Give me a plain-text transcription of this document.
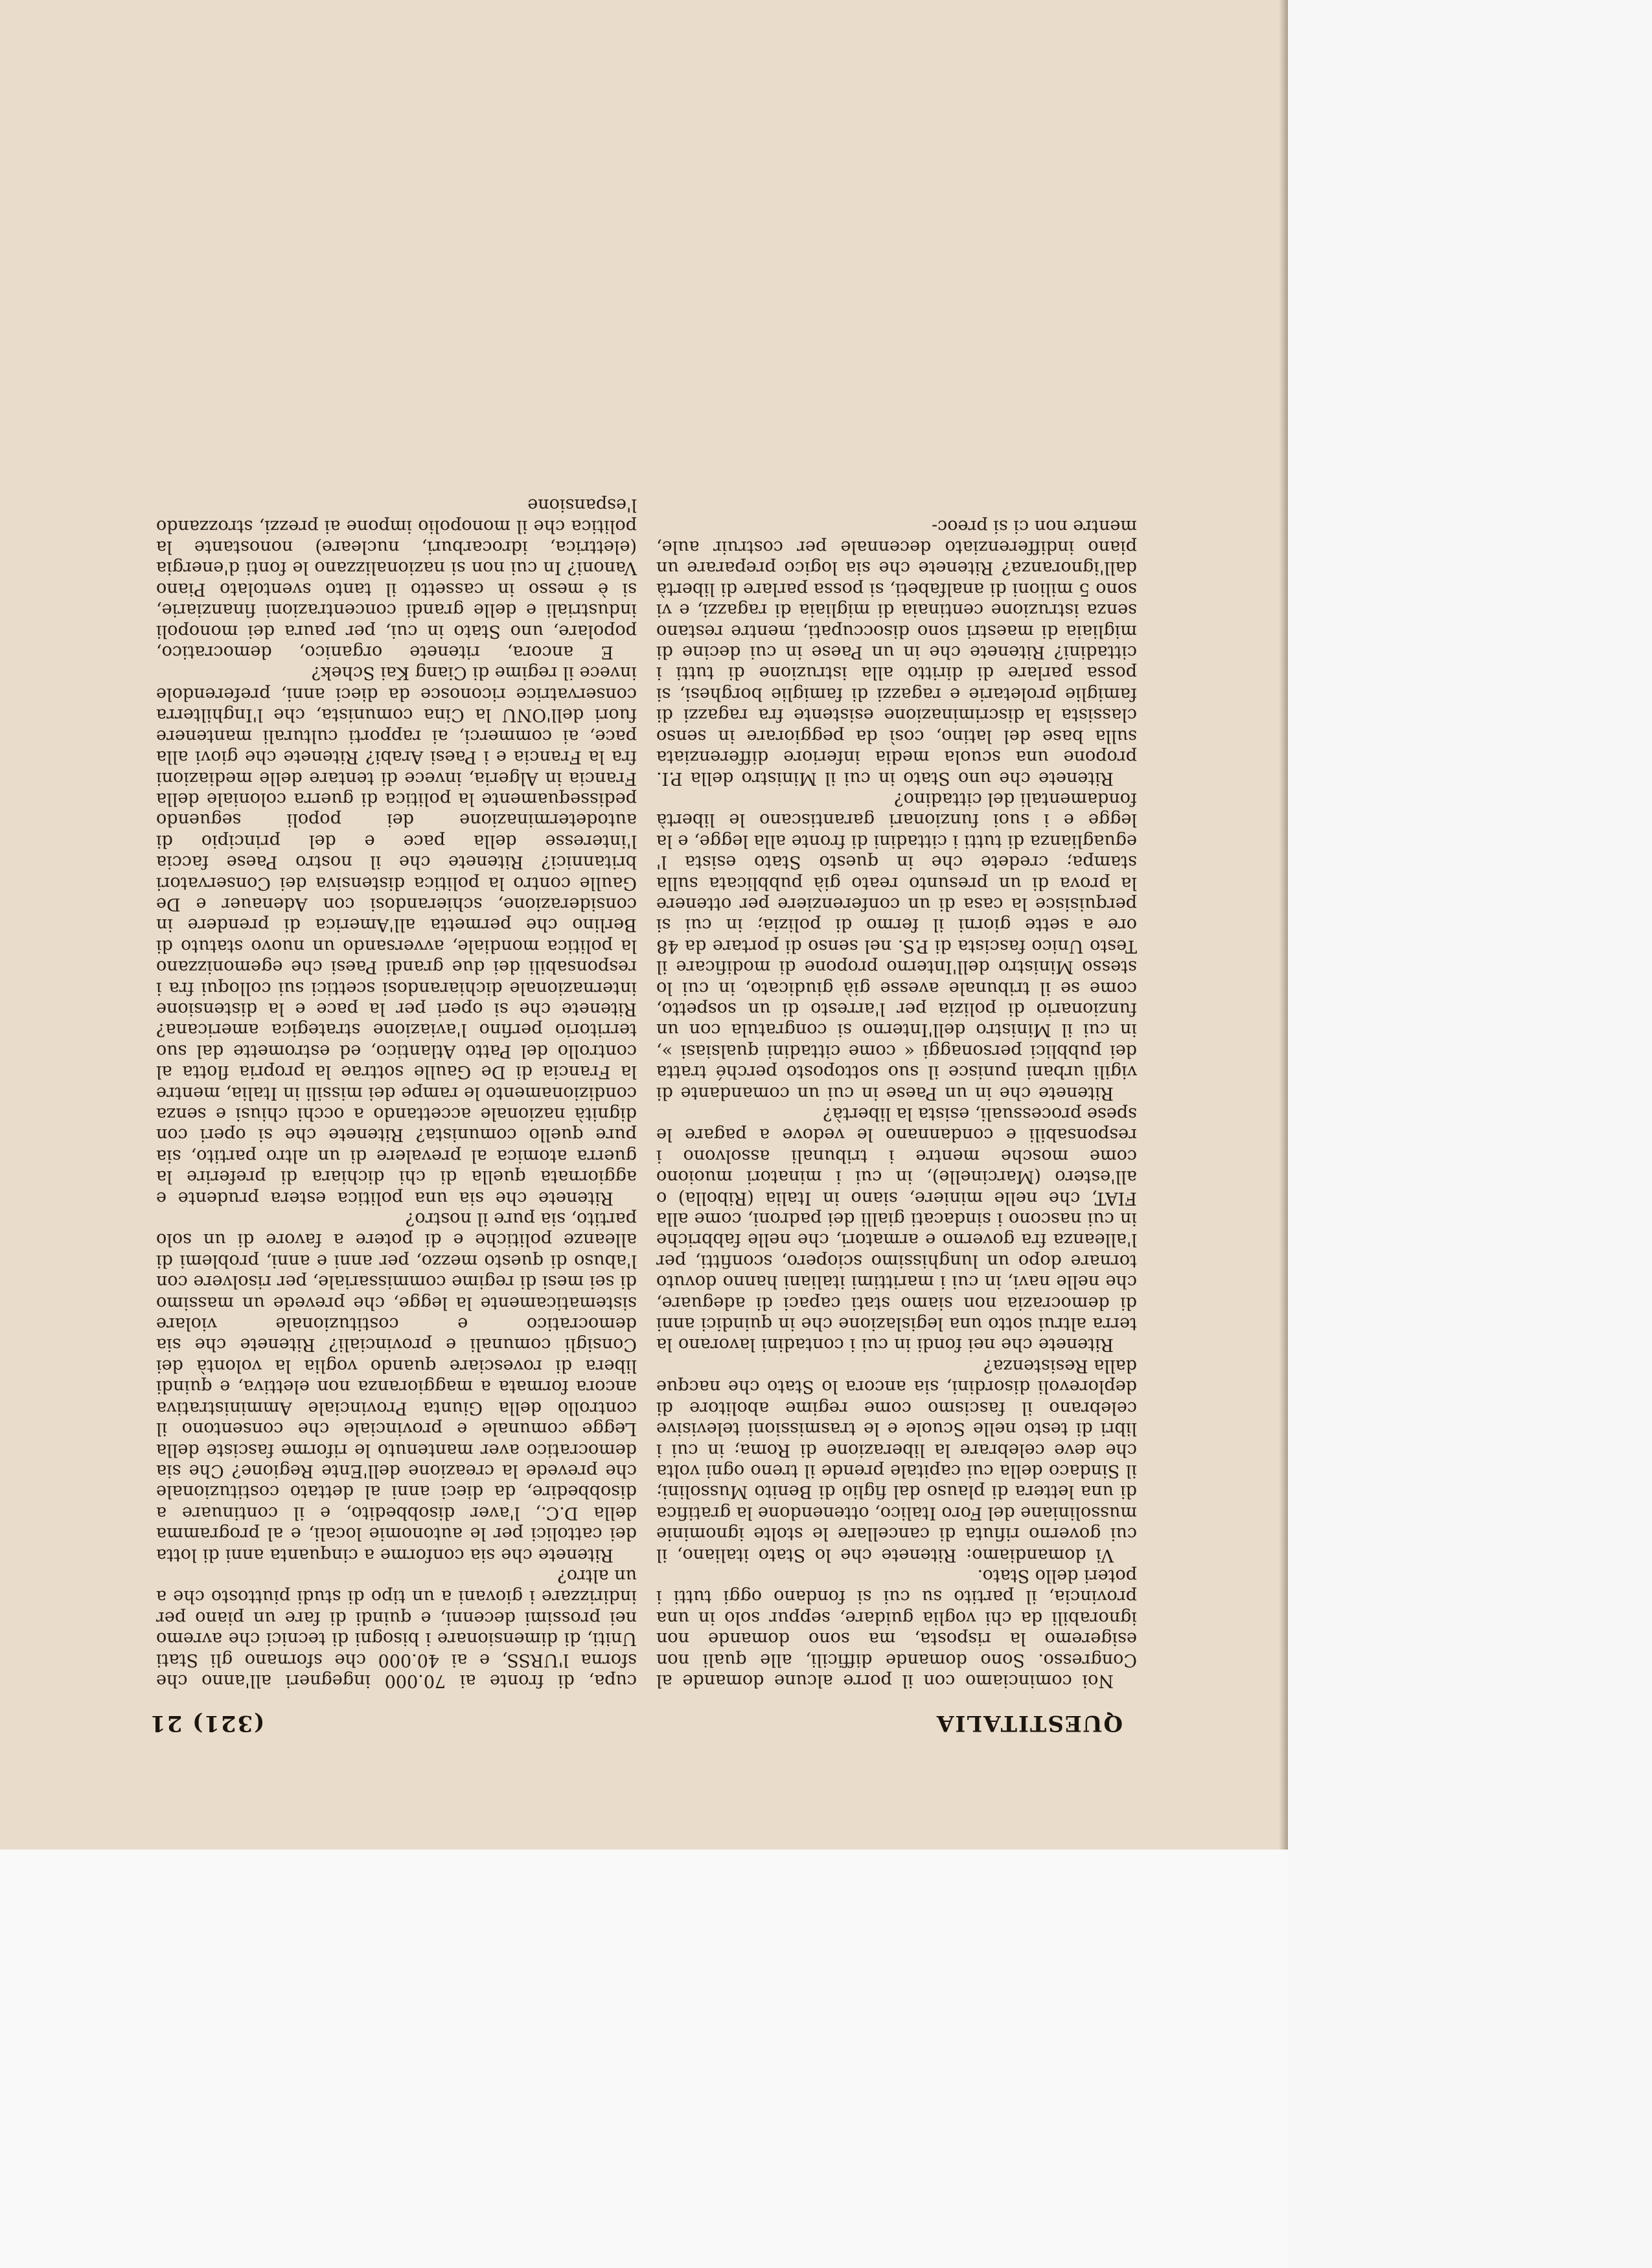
QUESTITALIA
(321) 21

Noi cominciamo con il porre alcune domande al Congresso. Sono domande difficili, alle quali non esigeremo la risposta, ma sono domande non ignorabili da chi voglia guidare, seppur solo in una provincia, il partito su cui si fondano oggi tutti i poteri dello Stato.

Vi domandiamo: Ritenete che lo Stato italiano, il cui governo rifiuta di cancellare le stolte ignominie mussoliniane del Foro Italico, ottenendone la gratifica di una lettera di plauso dal figlio di Benito Mussolini; il Sindaco della cui capitale prende il treno ogni volta che deve celebrare la liberazione di Roma; in cui i libri di testo nelle Scuole e le trasmissioni televisive celebrano il fascismo come regime abolitore di deplorevoli disordini, sia ancora lo Stato che nacque dalla Resistenza?

Ritenete che nei fondi in cui i contadini lavorano la terra altrui sotto una legislazione che in quindici anni di democrazia non siamo stati capaci di adeguare, che nelle navi, in cui i marittimi italiani hanno dovuto tornare dopo un lunghissimo sciopero, sconfitti, per l'alleanza fra governo e armatori, che nelle fabbriche in cui nascono i sindacati gialli dei padroni, come alla FIAT, che nelle miniere, siano in Italia (Ribolla) o all'estero (Marcinelle), in cui i minatori muoiono come mosche mentre i tribunali assolvono i responsabili e condannano le vedove a pagare le spese processuali, esista la libertà?

Ritenete che in un Paese in cui un comandante di vigili urbani punisce il suo sottoposto perché tratta dei pubblici personaggi « come cittadini qualsiasi », in cui il Ministro dell'Interno si congratula con un funzionario di polizia per l'arresto di un sospetto, come se il tribunale avesse già giudicato, in cui lo stesso Ministro dell'Interno propone di modificare il Testo Unico fascista di P.S. nel senso di portare da 48 ore a sette giorni il fermo di polizia; in cui si perquisisce la casa di un conferenziere per ottenere la prova di un presunto reato già pubblicata sulla stampa; credete che in questo Stato esista l' eguaglianza di tutti i cittadini di fronte alla legge, e la legge e i suoi funzionari garantiscano le libertà fondamentali del cittadino?

Ritenete che uno Stato in cui il Ministro della P.I. propone una scuola media inferiore differenziata sulla base del latino, così da peggiorare in senso classista la discriminazione esistente fra ragazzi di famiglie proletarie e ragazzi di famiglie borghesi, si possa parlare di diritto alla istruzione di tutti i cittadini? Ritenete che in un Paese in cui decine di migliaia di maestri sono disoccupati, mentre restano senza istruzione centinaia di migliaia di ragazzi, e vi sono 5 milioni di analfabeti, si possa parlare di libertà dall'ignoranza? Ritenete che sia logico preparare un piano indifferenziato decennale per costruir aule, mentre non ci si preoc-

cupa, di fronte ai 70.000 ingegneri all'anno che sforna l'URSS, e ai 40.000 che sfornano gli Stati Uniti, di dimensionare i bisogni di tecnici che avremo nei prossimi decenni, e quindi di fare un piano per indirizzare i giovani a un tipo di studi piuttosto che a un altro?

Ritenete che sia conforme a cinquanta anni di lotta dei cattolici per le autonomie locali, e al programma della D.C., l'aver disobbedito, e il continuare a disobbedire, da dieci anni al dettato costituzionale che prevede la creazione dell'Ente Regione? Che sia democratico aver mantenuto le riforme fasciste della Legge comunale e provinciale che consentono il controllo della Giunta Provinciale Amministrativa ancora formata a maggioranza non elettiva, e quindi libera di rovesciare quando voglia la volontà dei Consigli comunali e provinciali? Ritenete che sia democratico e costituzionale violare sistematicamente la legge, che prevede un massimo di sei mesi di regime commissariale, per risolvere con l'abuso di questo mezzo, per anni e anni, problemi di alleanze politiche e di potere a favore di un solo partito, sia pure il nostro?

Ritenete che sia una politica estera prudente e aggiornata quella di chi dichiara di preferire la guerra atomica al prevalere di un altro partito, sia pure quello comunista? Ritenete che si operi con dignità nazionale accettando a occhi chiusi e senza condizionamento le rampe dei missili in Italia, mentre la Francia di De Gaulle sottrae la propria flotta al controllo del Patto Atlantico, ed estromette dal suo territorio perfino l'aviazione strategica americana? Ritenete che si operi per la pace e la distensione internazionale dichiarandosi scettici sui colloqui fra i responsabili dei due grandi Paesi che egemonizzano la politica mondiale, avversando un nuovo statuto di Berlino che permetta all'America di prendere in considerazione, schierandosi con Adenauer e De Gaulle contro la politica distensiva dei Conservatori britannici? Ritenete che il nostro Paese faccia l'interesse della pace e del principio di autodeterminazione dei popoli seguendo pedissequamente la politica di guerra coloniale della Francia in Algeria, invece di tentare delle mediazioni fra la Francia e i Paesi Arabi? Ritenete che giovi alla pace, ai commerci, ai rapporti culturali mantenere fuori dell'ONU la Cina comunista, che l'Inghilterra conservatrice riconosce da dieci anni, preferendole invece il regime di Ciang Kai Schek?

E ancora, ritenete organico, democratico, popolare, uno Stato in cui, per paura dei monopoli industriali e delle grandi concentrazioni finanziarie, si è messo in cassetto il tanto sventolato Piano Vanoni? In cui non si nazionalizzano le fonti d'energia (elettrica, idrocarburi, nucleare) nonostante la politica che il monopolio impone ai prezzi, strozzando l'espansione
